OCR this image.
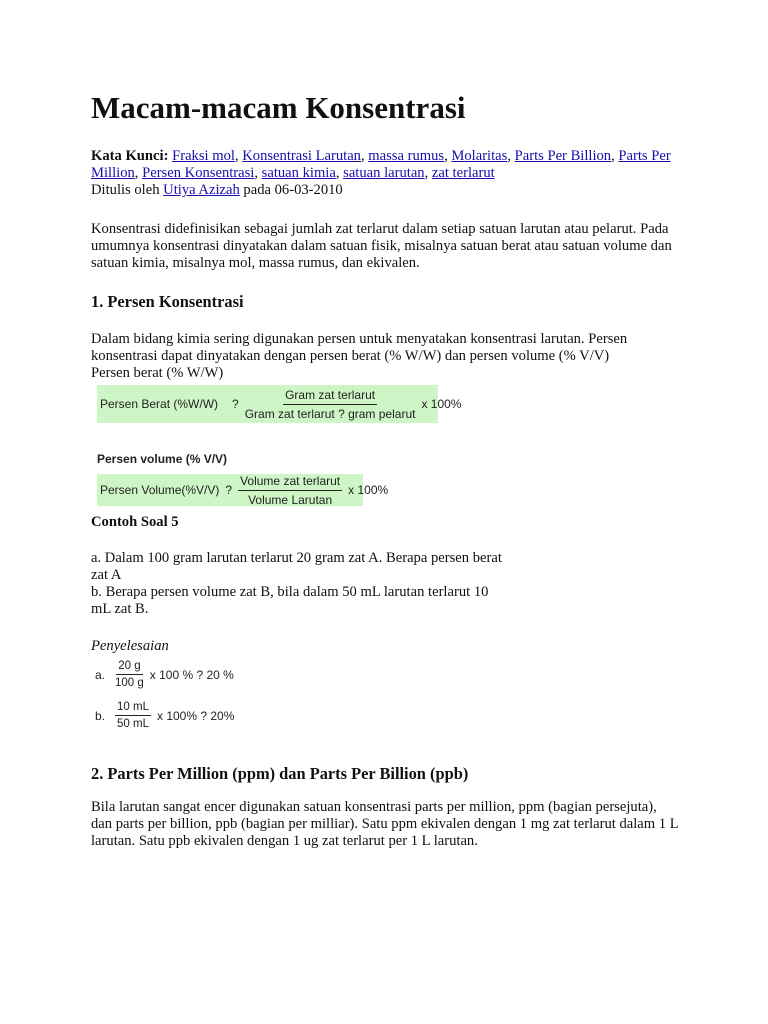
Macam-macam Konsentrasi

Kata Kunci: Fraksi mol, Konsentrasi Larutan, massa rumus, Molaritas, Parts Per Billion, Parts Per Million, Persen Konsentrasi, satuan kimia, satuan larutan, zat terlarut

Ditulis oleh Utiya Azizah pada 06-03-2010

Konsentrasi didefinisikan sebagai jumlah zat terlarut dalam setiap satuan larutan atau pelarut. Pada umumnya konsentrasi dinyatakan dalam satuan fisik, misalnya satuan berat atau satuan volume dan satuan kimia, misalnya mol, massa rumus, dan ekivalen.

1. Persen Konsentrasi

Dalam bidang kimia sering digunakan persen untuk menyatakan konsentrasi larutan. Persen konsentrasi dapat dinyatakan dengan persen berat (% W/W) dan persen volume (% V/V)

Persen berat (% W/W)

Persen Berat (%W/W) ? $\frac{\text{Gram zat terlarut}}{\text{Gram zat terlarut ? gram pelarut}}$ x 100%
Persen volume (% V/V)
Persen Volume(%V/V) ? $\frac{\text{Volume zat terlarut}}{\text{Volume Larutan}}$ x 100%
Contoh Soal 5

a. Dalam 100 gram larutan terlarut 20 gram zat A. Berapa persen berat zat A

b. Berapa persen volume zat B, bila dalam 50 mL larutan terlarut 10 mL zat B.

Penyelesaian
a. $\frac{20 g}{100 g}$ x 100 % ? 20 %
b. $\frac{10 mL}{50 mL}$ x 100% ? 20%
2. Parts Per Million (ppm) dan Parts Per Billion (ppb)

Bila larutan sangat encer digunakan satuan konsentrasi parts per million, ppm (bagian persejuta), dan parts per billion, ppb (bagian per milliar). Satu ppm ekivalen dengan 1 mg zat terlarut dalam 1 L larutan. Satu ppb ekivalen dengan 1 ug zat terlarut per 1 L larutan.
